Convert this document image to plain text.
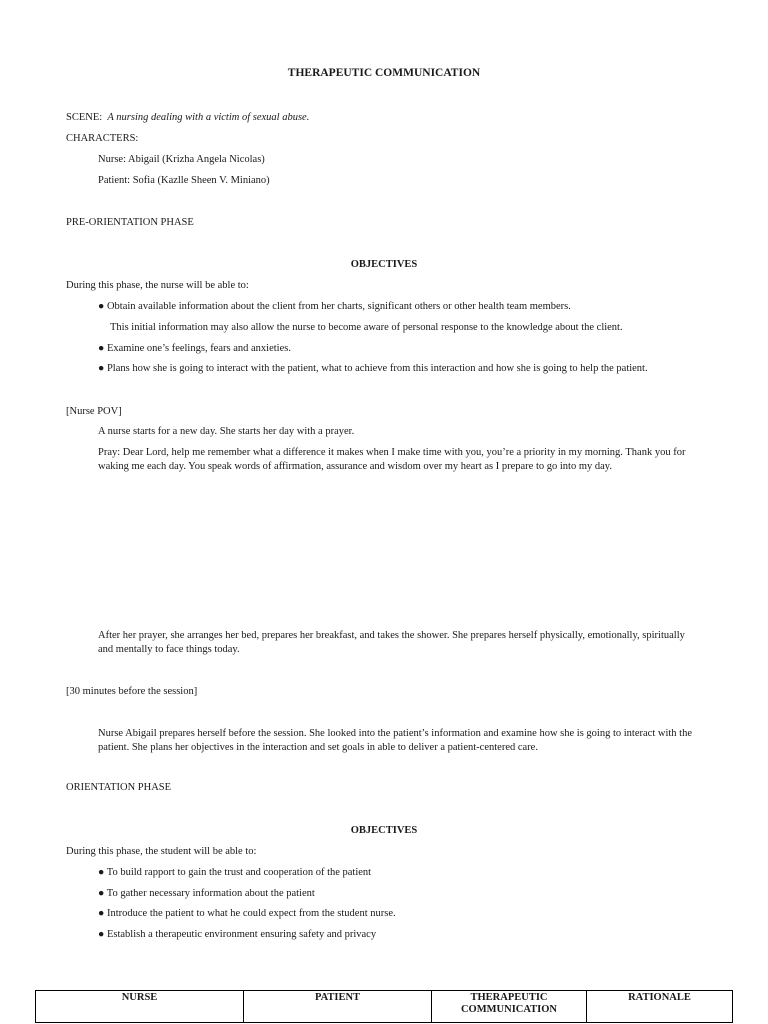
THERAPEUTIC COMMUNICATION
SCENE: A nursing dealing with a victim of sexual abuse.
CHARACTERS:
Nurse: Abigail (Krizha Angela Nicolas)
Patient: Sofia (Kazlle Sheen V. Miniano)
PRE-ORIENTATION PHASE
OBJECTIVES
During this phase, the nurse will be able to:
● Obtain available information about the client from her charts, significant others or other health team members.
This initial information may also allow the nurse to become aware of personal response to the knowledge about the client.
● Examine one’s feelings, fears and anxieties.
● Plans how she is going to interact with the patient, what to achieve from this interaction and how she is going to help the patient.
[Nurse POV]
A nurse starts for a new day. She starts her day with a prayer.
Pray: Dear Lord, help me remember what a difference it makes when I make time with you, you’re a priority in my morning. Thank you for waking me each day. You speak words of affirmation, assurance and wisdom over my heart as I prepare to go into my day.
After her prayer, she arranges her bed, prepares her breakfast, and takes the shower. She prepares herself physically, emotionally, spiritually and mentally to face things today.
[30 minutes before the session]
Nurse Abigail prepares herself before the session. She looked into the patient’s information and examine how she is going to interact with the patient. She plans her objectives in the interaction and set goals in able to deliver a patient-centered care.
ORIENTATION PHASE
OBJECTIVES
During this phase, the student will be able to:
● To build rapport to gain the trust and cooperation of the patient
● To gather necessary information about the patient
● Introduce the patient to what he could expect from the student nurse.
● Establish a therapeutic environment ensuring safety and privacy
NURSE	PATIENT	THERAPEUTIC COMMUNICATION	RATIONALE
